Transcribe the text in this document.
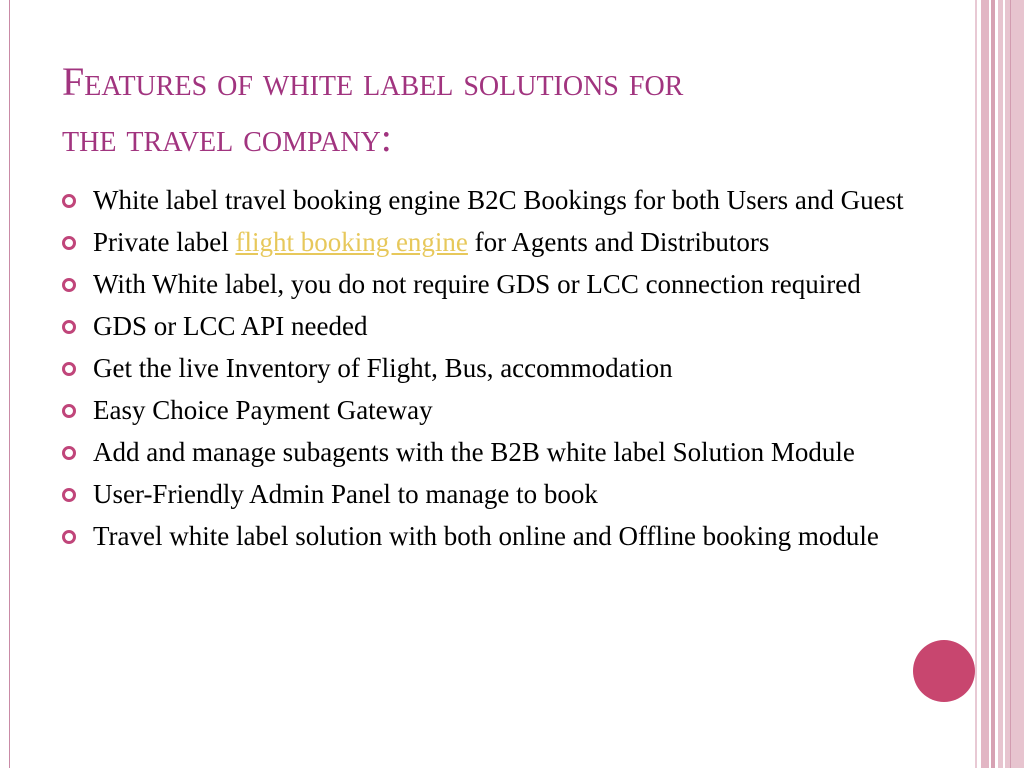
Features of white label solutions for
the travel company:
White label travel booking engine B2C Bookings for both Users and Guest
Private label flight booking engine for Agents and Distributors
With White label, you do not require GDS or LCC connection required
GDS or LCC API needed
Get the live Inventory of Flight, Bus, accommodation
Easy Choice Payment Gateway
Add and manage subagents with the B2B white label Solution Module
User-Friendly Admin Panel to manage to book
Travel white label solution with both online and Offline booking module
